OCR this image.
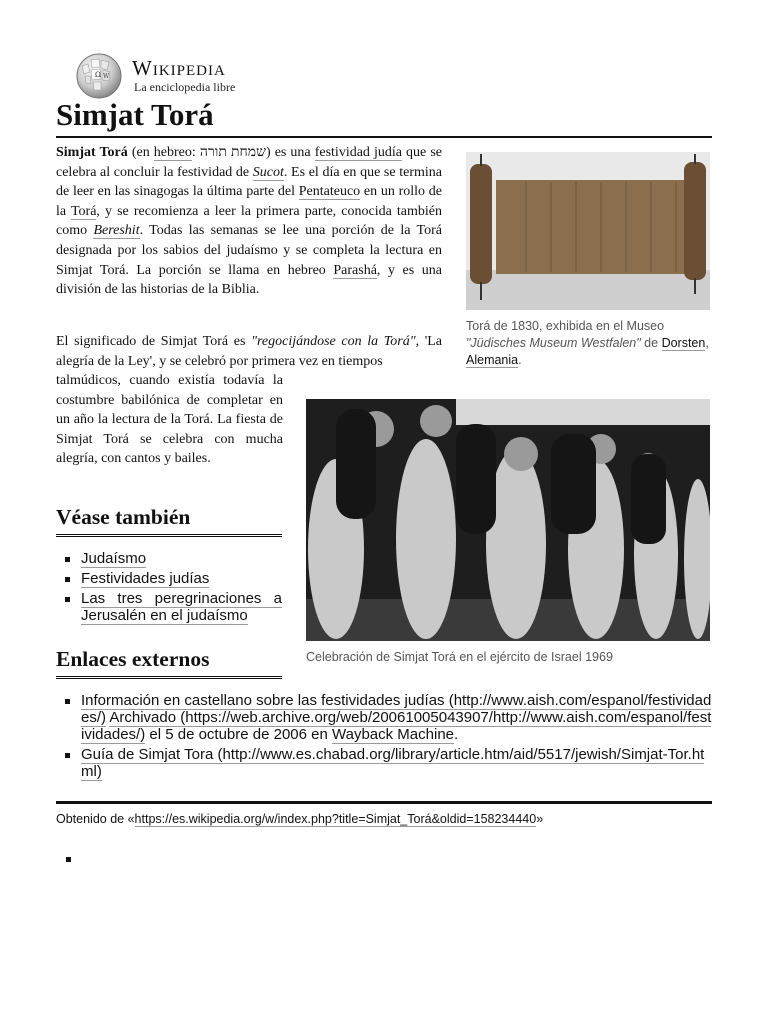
Ω W Wikipedia
La enciclopedia libre
Simjat Torá

Simjat Torá (en hebreo: שמחת תורה) es una festividad judía que se celebra al concluir la festividad de Sucot. Es el día en que se termina de leer en las sinagogas la última parte del Pentateuco en un rollo de la Torá, y se recomienza a leer la primera parte, conocida también como Bereshit. Todas las semanas se lee una porción de la Torá designada por los sabios del judaísmo y se completa la lectura en Simjat Torá. La porción se llama en hebreo Parashá, y es una división de las historias de la Biblia.

El significado de Simjat Torá es "regocijándose con la Torá", 'La alegría de la Ley', y se celebró por primera vez en tiempos

talmúdicos, cuando existía todavía la costumbre babilónica de completar en un año la lectura de la Torá. La fiesta de Simjat Torá se celebra con mucha alegría, con cantos y bailes.

Torá de 1830, exhibida en el Museo "Jüdisches Museum Westfalen" de Dorsten, Alemania.
Celebración de Simjat Torá en el ejército de Israel 1969
Véase también
Judaísmo
Festividades judías
Las tres peregrinaciones a Jerusalén en el judaísmo
Enlaces externos
Información en castellano sobre las festividades judías (http://www.aish.com/espanol/festividades/) Archivado (https://web.archive.org/web/20061005043907/http://www.aish.com/espanol/festividades/) el 5 de octubre de 2006 en Wayback Machine.
Guía de Simjat Tora (http://www.es.chabad.org/library/article.htm/aid/5517/jewish/Simjat-Tor.html)
Obtenido de «https://es.wikipedia.org/w/index.php?title=Simjat_Torá&oldid=158234440»
